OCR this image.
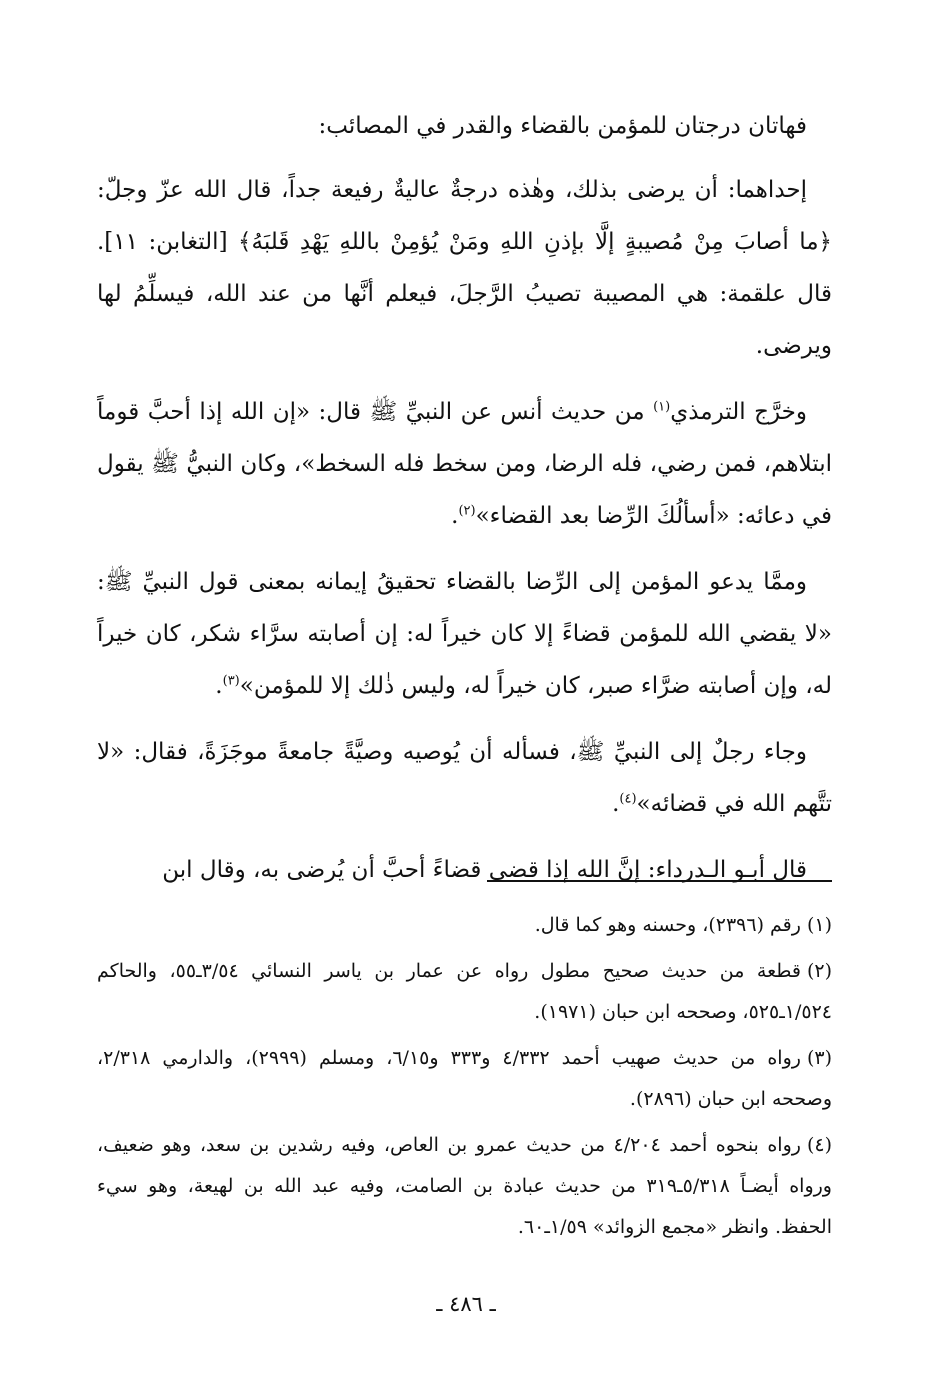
فهاتان درجتان للمؤمن بالقضاء والقدر في المصائب:

إحداهما: أن يرضى بذلك، وهٰذه درجةٌ عاليةٌ رفيعة جداً، قال الله عزّ وجلّ: ﴿ما أصابَ مِنْ مُصيبةٍ إلَّا بإذنِ اللهِ ومَنْ يُؤمِنْ باللهِ يَهْدِ قَلبَهُ﴾ [التغابن: ١١]. قال علقمة: هي المصيبة تصيبُ الرَّجلَ، فيعلم أنَّها من عند الله، فيسلِّمُ لها ويرضى.

وخرَّج الترمذي$^{(١)}$ من حديث أنس عن النبيِّ ﷺ قال: «إن الله إذا أحبَّ قوماً ابتلاهم، فمن رضي، فله الرضا، ومن سخط فله السخط»، وكان النبيُّ ﷺ يقول في دعائه: «أسألُكَ الرِّضا بعد القضاء»$^{(٢)}$.

وممَّا يدعو المؤمن إلى الرِّضا بالقضاء تحقيقُ إيمانه بمعنى قول النبيِّ ﷺ: «لا يقضي الله للمؤمن قضاءً إلا كان خيراً له: إن أصابته سرَّاء شكر، كان خيراً له، وإن أصابته ضرَّاء صبر، كان خيراً له، وليس ذٰلك إلا للمؤمن»$^{(٣)}$.

وجاء رجلٌ إلى النبيِّ ﷺ، فسأله أن يُوصيه وصيَّةً جامعةً موجَزَةً، فقال: «لا تتَّهم الله في قضائه»$^{(٤)}$.

قال أبـو الـدرداء: إنَّ الله إذا قضى قضاءً أحبَّ أن يُرضى به، وقال ابن

(١)رقم (٢٣٩٦)، وحسنه وهو كما قال.

(٢)قطعة من حديث صحيح مطول رواه عن عمار بن ياسر النسائي ٣/٥٤ـ٥٥، والحاكم ١/٥٢٤ـ٥٢٥، وصححه ابن حبان (١٩٧١).

(٣)رواه من حديث صهيب أحمد ٤/٣٣٢ و٣٣٣ و٦/١٥، ومسلم (٢٩٩٩)، والدارمي ٢/٣١٨، وصححه ابن حبان (٢٨٩٦).

(٤)رواه بنحوه أحمد ٤/٢٠٤ من حديث عمرو بن العاص، وفيه رشدين بن سعد، وهو ضعيف، ورواه أيضـاً ٥/٣١٨ـ٣١٩ من حديث عبادة بن الصامت، وفيه عبد الله بن لهيعة، وهو سيء الحفظ. وانظر «مجمع الزوائد» ١/٥٩ـ٦٠.

ـ ٤٨٦ ـ
